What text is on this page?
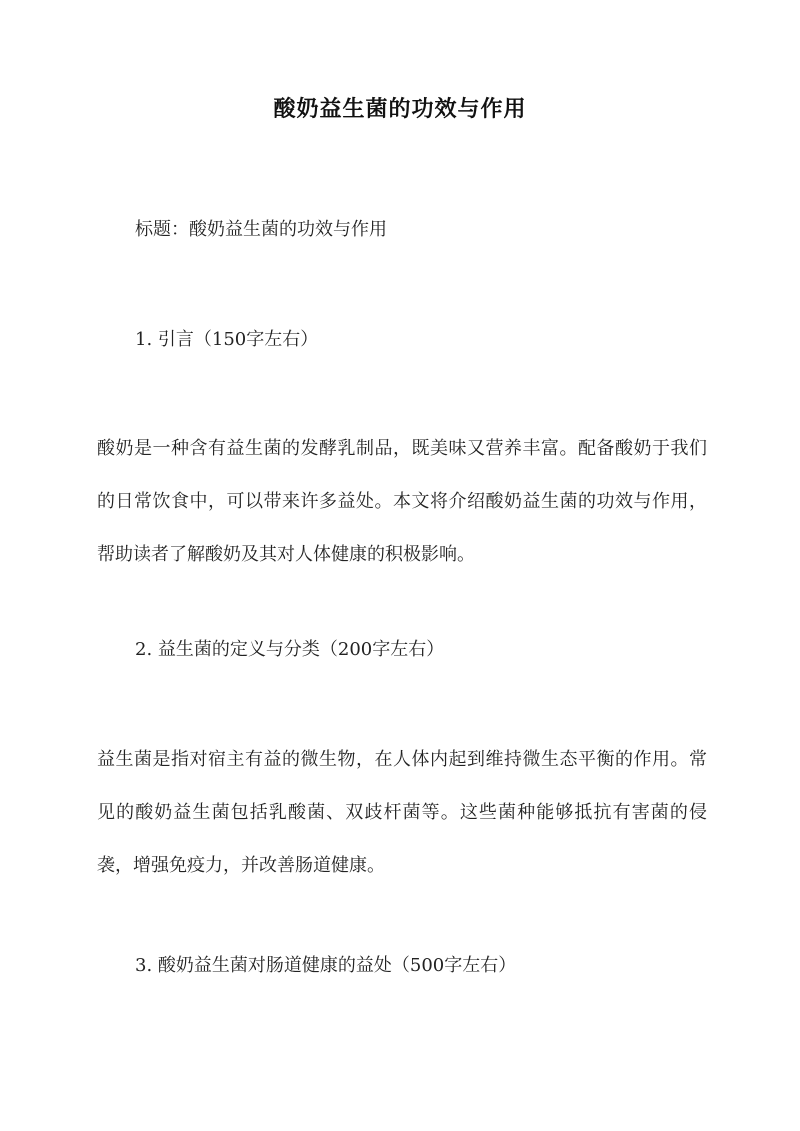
酸奶益生菌的功效与作用

标题：酸奶益生菌的功效与作用

1. 引言（150字左右）

酸奶是一种含有益生菌的发酵乳制品，既美味又营养丰富。配备酸奶于我们的日常饮食中，可以带来许多益处。本文将介绍酸奶益生菌的功效与作用，帮助读者了解酸奶及其对人体健康的积极影响。

2. 益生菌的定义与分类（200字左右）

益生菌是指对宿主有益的微生物，在人体内起到维持微生态平衡的作用。常见的酸奶益生菌包括乳酸菌、双歧杆菌等。这些菌种能够抵抗有害菌的侵袭，增强免疫力，并改善肠道健康。

3. 酸奶益生菌对肠道健康的益处（500字左右）
